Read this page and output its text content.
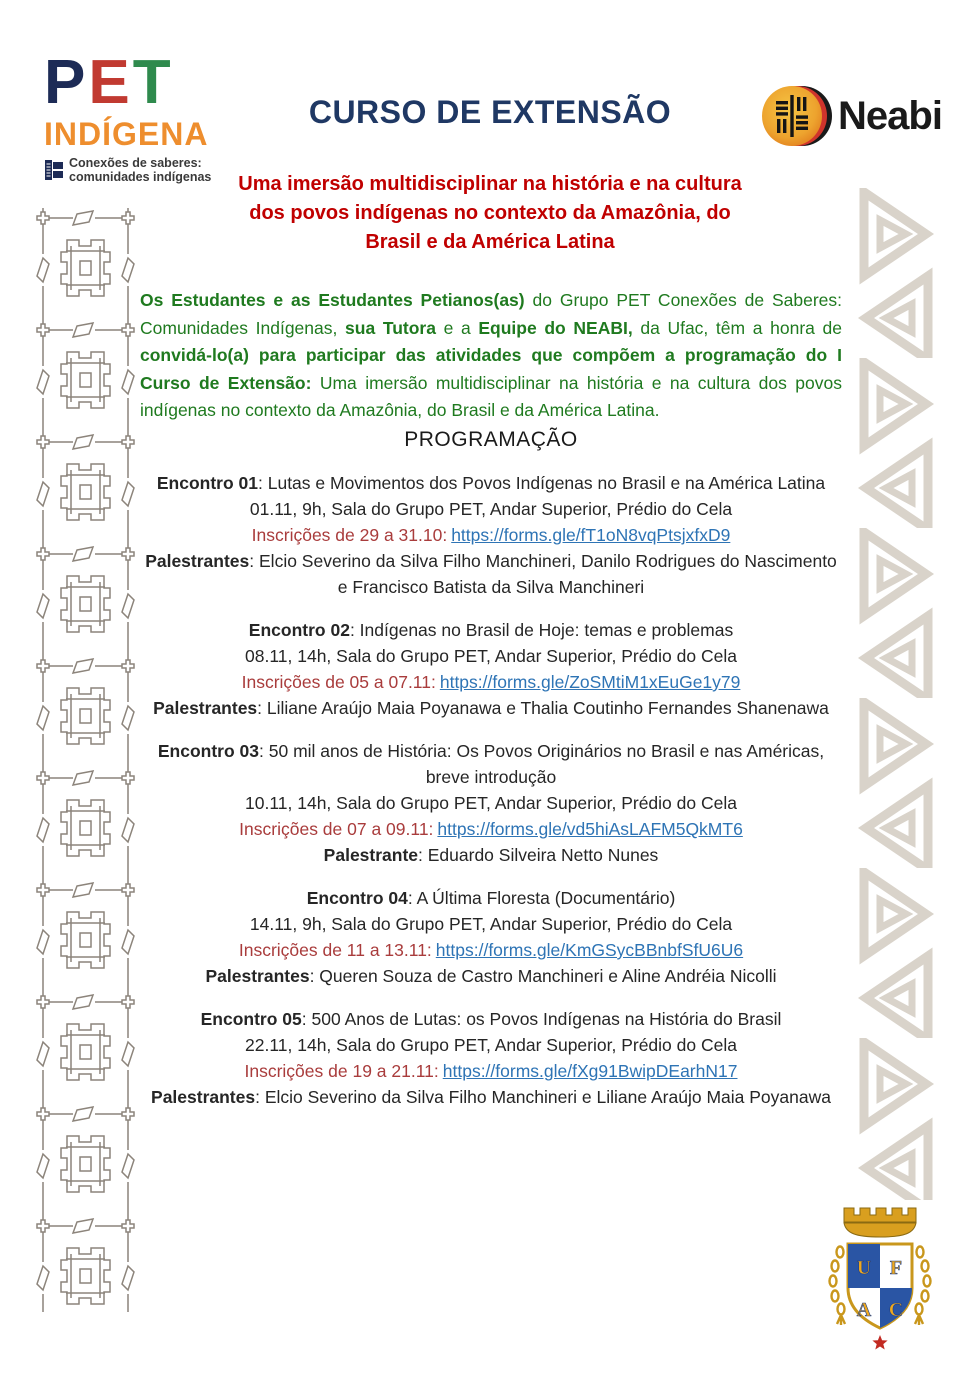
PET
INDÍGENA
Conexões de saberes:
comunidades indígenas
CURSO DE EXTENSÃO	Neabi
Uma imersão multidisciplinar na história e na cultura
dos povos indígenas no contexto da Amazônia, do
Brasil e da América Latina

Os Estudantes e as Estudantes Petianos(as) do Grupo PET Conexões de Saberes: Comunidades Indígenas, sua Tutora e a Equipe do NEABI, da Ufac, têm a honra de convidá-lo(a) para participar das atividades que compõem a programação do I Curso de Extensão: Uma imersão multidisciplinar na história e na cultura dos povos indígenas no contexto da Amazônia, do Brasil e da América Latina.

PROGRAMAÇÃO
Encontro 01: Lutas e Movimentos dos Povos Indígenas no Brasil e na América Latina
01.11, 9h, Sala do Grupo PET, Andar Superior, Prédio do Cela
Inscrições de 29 a 31.10: https://forms.gle/fT1oN8vqPtsjxfxD9
Palestrantes: Elcio Severino da Silva Filho Manchineri, Danilo Rodrigues do Nascimento e Francisco Batista da Silva Manchineri
Encontro 02: Indígenas no Brasil de Hoje: temas e problemas
08.11, 14h, Sala do Grupo PET, Andar Superior, Prédio do Cela
Inscrições de 05 a 07.11: https://forms.gle/ZoSMtiM1xEuGe1y79
Palestrantes: Liliane Araújo Maia Poyanawa e Thalia Coutinho Fernandes Shanenawa
Encontro 03: 50 mil anos de História: Os Povos Originários no Brasil e nas Américas, breve introdução
10.11, 14h, Sala do Grupo PET, Andar Superior, Prédio do Cela
Inscrições de 07 a 09.11: https://forms.gle/vd5hiAsLAFM5QkMT6
Palestrante: Eduardo Silveira Netto Nunes
Encontro 04: A Última Floresta (Documentário)
14.11, 9h, Sala do Grupo PET, Andar Superior, Prédio do Cela
Inscrições de 11 a 13.11: https://forms.gle/KmGSycBBnbfSfU6U6
Palestrantes: Queren Souza de Castro Manchineri e Aline Andréia Nicolli
Encontro 05: 500 Anos de Lutas: os Povos Indígenas na História do Brasil
22.11, 14h, Sala do Grupo PET, Andar Superior, Prédio do Cela
Inscrições de 19 a 21.11: https://forms.gle/fXg91BwipDEarhN17
Palestrantes: Elcio Severino da Silva Filho Manchineri e Liliane Araújo Maia Poyanawa
U F
A C
